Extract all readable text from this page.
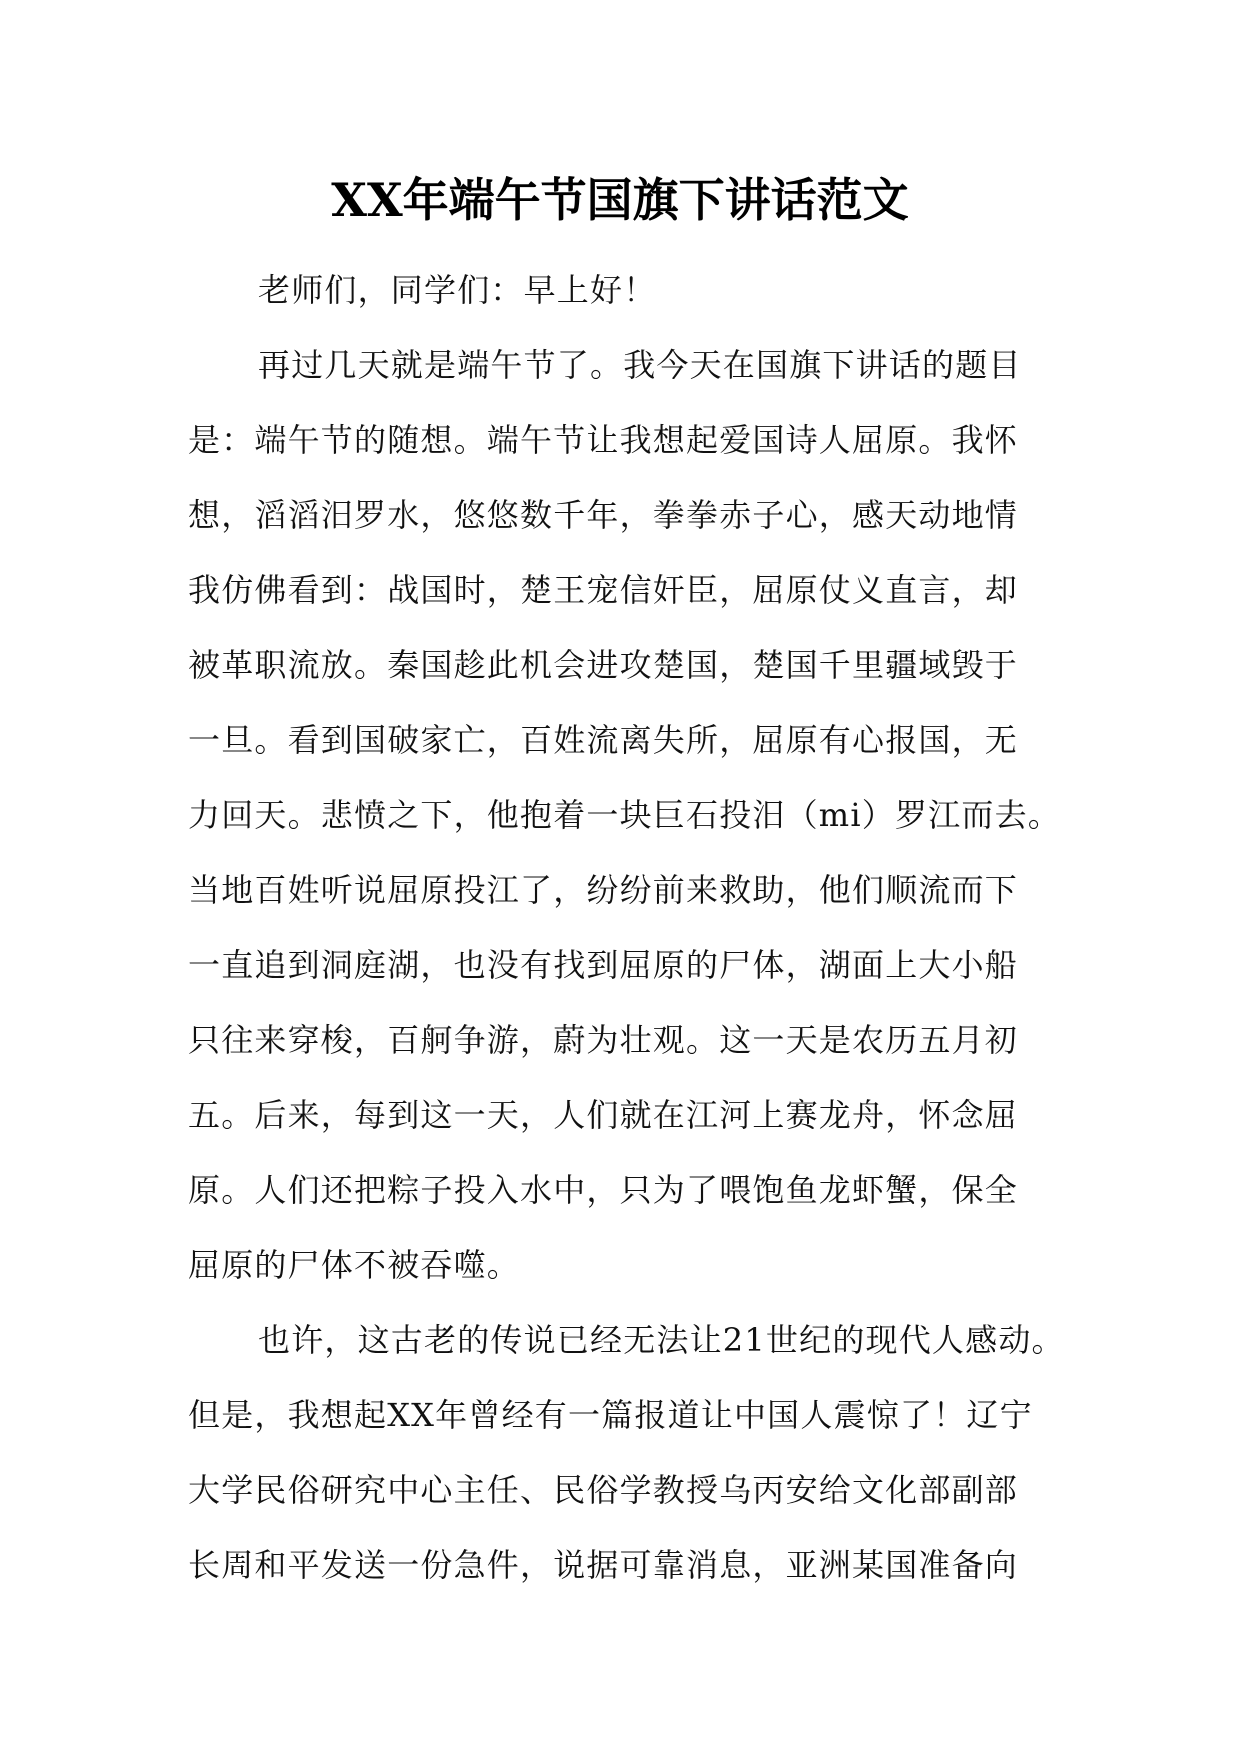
XX年端午节国旗下讲话范文
老师们，同学们：早上好！
再过几天就是端午节了。我今天在国旗下讲话的题目
是：端午节的随想。端午节让我想起爱国诗人屈原。我怀
想，滔滔汨罗水，悠悠数千年，拳拳赤子心，感天动地情
我仿佛看到：战国时，楚王宠信奸臣，屈原仗义直言，却
被革职流放。秦国趁此机会进攻楚国，楚国千里疆域毁于
一旦。看到国破家亡，百姓流离失所，屈原有心报国，无
力回天。悲愤之下，他抱着一块巨石投汨（mi）罗江而去。
当地百姓听说屈原投江了，纷纷前来救助，他们顺流而下
一直追到洞庭湖，也没有找到屈原的尸体，湖面上大小船
只往来穿梭，百舸争游，蔚为壮观。这一天是农历五月初
五。后来，每到这一天，人们就在江河上赛龙舟，怀念屈
原。人们还把粽子投入水中，只为了喂饱鱼龙虾蟹，保全
屈原的尸体不被吞噬。
也许，这古老的传说已经无法让21世纪的现代人感动。
但是，我想起XX年曾经有一篇报道让中国人震惊了！辽宁
大学民俗研究中心主任、民俗学教授乌丙安给文化部副部
长周和平发送一份急件，说据可靠消息，亚洲某国准备向
